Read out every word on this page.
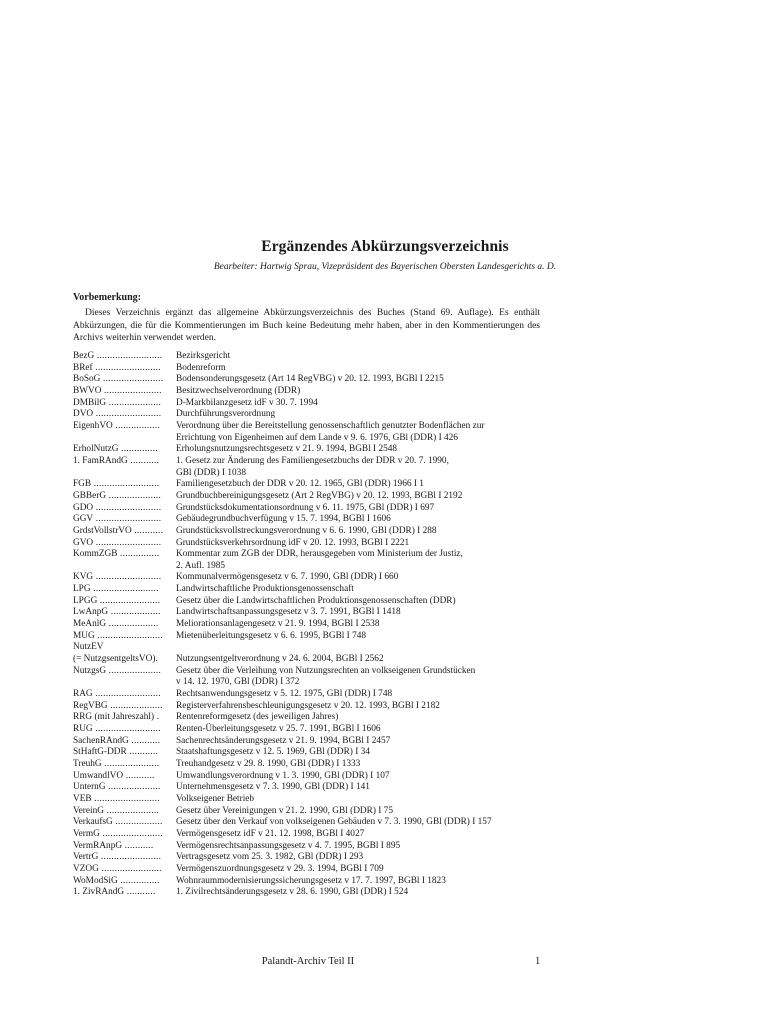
Ergänzendes Abkürzungsverzeichnis
Bearbeiter: Hartwig Sprau, Vizepräsident des Bayerischen Obersten Landesgerichts a. D.
Vorbemerkung:

Dieses Verzeichnis ergänzt das allgemeine Abkürzungsverzeichnis des Buches (Stand 69. Auflage). Es enthält Abkürzungen, die für die Kommentierungen im Buch keine Bedeutung mehr haben, aber in den Kommentierungen des Archivs weiterhin verwendet werden.

BezG .........................	Bezirksgericht
BRef .........................	Bodenreform
BoSoG .......................	Bodensonderungsgesetz (Art 14 RegVBG) v 20. 12. 1993, BGBl I 2215
BWVO ......................	Besitzwechselverordnung (DDR)
DMBilG ....................	D-Markbilanzgesetz idF v 30. 7. 1994
DVO .........................	Durchführungsverordnung
EigenhVO .................	Verordnung über die Bereitstellung genossenschaftlich genutzter Bodenflächen zur
Errichtung von Eigenheimen auf dem Lande v 9. 6. 1976, GBl (DDR) I 426
ErholNutzG ..............	Erholungsnutzungsrechtsgesetz v 21. 9. 1994, BGBl I 2548
1. FamRÄndG ...........	1. Gesetz zur Änderung des Familiengesetzbuchs der DDR v 20. 7. 1990,
GBl (DDR) I 1038
FGB .........................	Familiengesetzbuch der DDR v 20. 12. 1965, GBl (DDR) 1966 I 1
GBBerG ....................	Grundbuchbereinigungsgesetz (Art 2 RegVBG) v 20. 12. 1993, BGBl I 2192
GDO .........................	Grundstücksdokumentationsordnung v 6. 11. 1975, GBl (DDR) I 697
GGV .........................	Gebäudegrundbuchverfügung v 15. 7. 1994, BGBl I 1606
GrdstVollstrVO ...........	Grundstücksvollstreckungsverordnung v 6. 6. 1990, GBl (DDR) I 288
GVO .........................	Grundstücksverkehrsordnung idF v 20. 12. 1993, BGBl I 2221
KommZGB ...............	Kommentar zum ZGB der DDR, herausgegeben vom Ministerium der Justiz,
2. Aufl. 1985
KVG .........................	Kommunalvermögensgesetz v 6. 7. 1990, GBl (DDR) I 660
LPG .........................	Landwirtschaftliche Produktionsgenossenschaft
LPGG .......................	Gesetz über die Landwirtschaftlichen Produktionsgenossenschaften (DDR)
LwAnpG ...................	Landwirtschaftsanpassungsgesetz v 3. 7. 1991, BGBl I 1418
MeAnlG ...................	Meliorationsanlagengesetz v 21. 9. 1994, BGBl I 2538
MÜG .........................	Mietenüberleitungsgesetz v 6. 6. 1995, BGBl I 748
NutzEV
(= NutzgsentgeltsVO).	Nutzungsentgeltverordnung v 24. 6. 2004, BGBl I 2562
NutzgsG ....................	Gesetz über die Verleihung von Nutzungsrechten an volkseigenen Grundstücken
v 14. 12. 1970, GBl (DDR) I 372
RAG .........................	Rechtsanwendungsgesetz v 5. 12. 1975, GBl (DDR) I 748
RegVBG ....................	Registerverfahrensbeschleunigungsgesetz v 20. 12. 1993, BGBl I 2182
RRG (mit Jahreszahl) .	Rentenreformgesetz (des jeweiligen Jahres)
RÜG .........................	Renten-Überleitungsgesetz v 25. 7. 1991, BGBl I 1606
SachenRÄndG ...........	Sachenrechtsänderungsgesetz v 21. 9. 1994, BGBl I 2457
StHaftG-DDR ...........	Staatshaftungsgesetz v 12. 5. 1969, GBl (DDR) I 34
TreuhG .....................	Treuhandgesetz v 29. 8. 1990, GBl (DDR) I 1333
UmwandlVO ...........	Umwandlungsverordnung v 1. 3. 1990, GBl (DDR) I 107
UnternG ....................	Unternehmensgesetz v 7. 3. 1990, GBl (DDR) I 141
VEB .........................	Volkseigener Betrieb
VereinG ....................	Gesetz über Vereinigungen v 21. 2. 1990, GBl (DDR) I 75
VerkaufsG ..................	Gesetz über den Verkauf von volkseigenen Gebäuden v 7. 3. 1990, GBl (DDR) I 157
VermG .......................	Vermögensgesetz idF v 21. 12. 1998, BGBl I 4027
VermRAnpG ...........	Vermögensrechtsanpassungsgesetz v 4. 7. 1995, BGBl I 895
VertrG .......................	Vertragsgesetz vom 25. 3. 1982, GBl (DDR) I 293
VZOG .......................	Vermögenszuordnungsgesetz v 29. 3. 1994, BGBl I 709
WoModSiG ...............	Wohnraummodernisierungssicherungsgesetz v 17. 7. 1997, BGBl I 1823
1. ZivRÄndG ...........	1. Zivilrechtsänderungsgesetz v 28. 6. 1990, GBl (DDR) I 524
Palandt-Archiv Teil II	1
